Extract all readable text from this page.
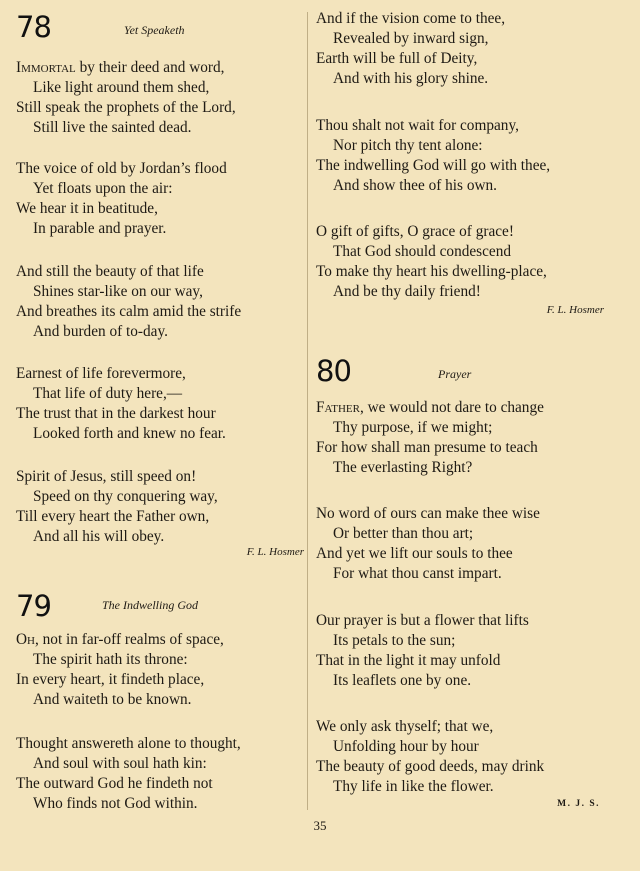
78	Yet Speaketh
Immortal by their deed and word,
Like light around them shed,
Still speak the prophets of the Lord,
Still live the sainted dead.
The voice of old by Jordan’s flood
Yet floats upon the air:
We hear it in beatitude,
In parable and prayer.
And still the beauty of that life
Shines star-like on our way,
And breathes its calm amid the strife
And burden of to-day.
Earnest of life forevermore,
That life of duty here,—
The trust that in the darkest hour
Looked forth and knew no fear.
Spirit of Jesus, still speed on!
Speed on thy conquering way,
Till every heart the Father own,
And all his will obey.
F. L. Hosmer
79	The Indwelling God
Oh, not in far-off realms of space,
The spirit hath its throne:
In every heart, it findeth place,
And waiteth to be known.
Thought answereth alone to thought,
And soul with soul hath kin:
The outward God he findeth not
Who finds not God within.
And if the vision come to thee,
Revealed by inward sign,
Earth will be full of Deity,
And with his glory shine.
Thou shalt not wait for company,
Nor pitch thy tent alone:
The indwelling God will go with thee,
And show thee of his own.
O gift of gifts, O grace of grace!
That God should condescend
To make thy heart his dwelling-place,
And be thy daily friend!
F. L. Hosmer
80	Prayer
Father, we would not dare to change
Thy purpose, if we might;
For how shall man presume to teach
The everlasting Right?
No word of ours can make thee wise
Or better than thou art;
And yet we lift our souls to thee
For what thou canst impart.
Our prayer is but a flower that lifts
Its petals to the sun;
That in the light it may unfold
Its leaflets one by one.
We only ask thyself; that we,
Unfolding hour by hour
The beauty of good deeds, may drink
Thy life in like the flower.
M. J. S.
35
